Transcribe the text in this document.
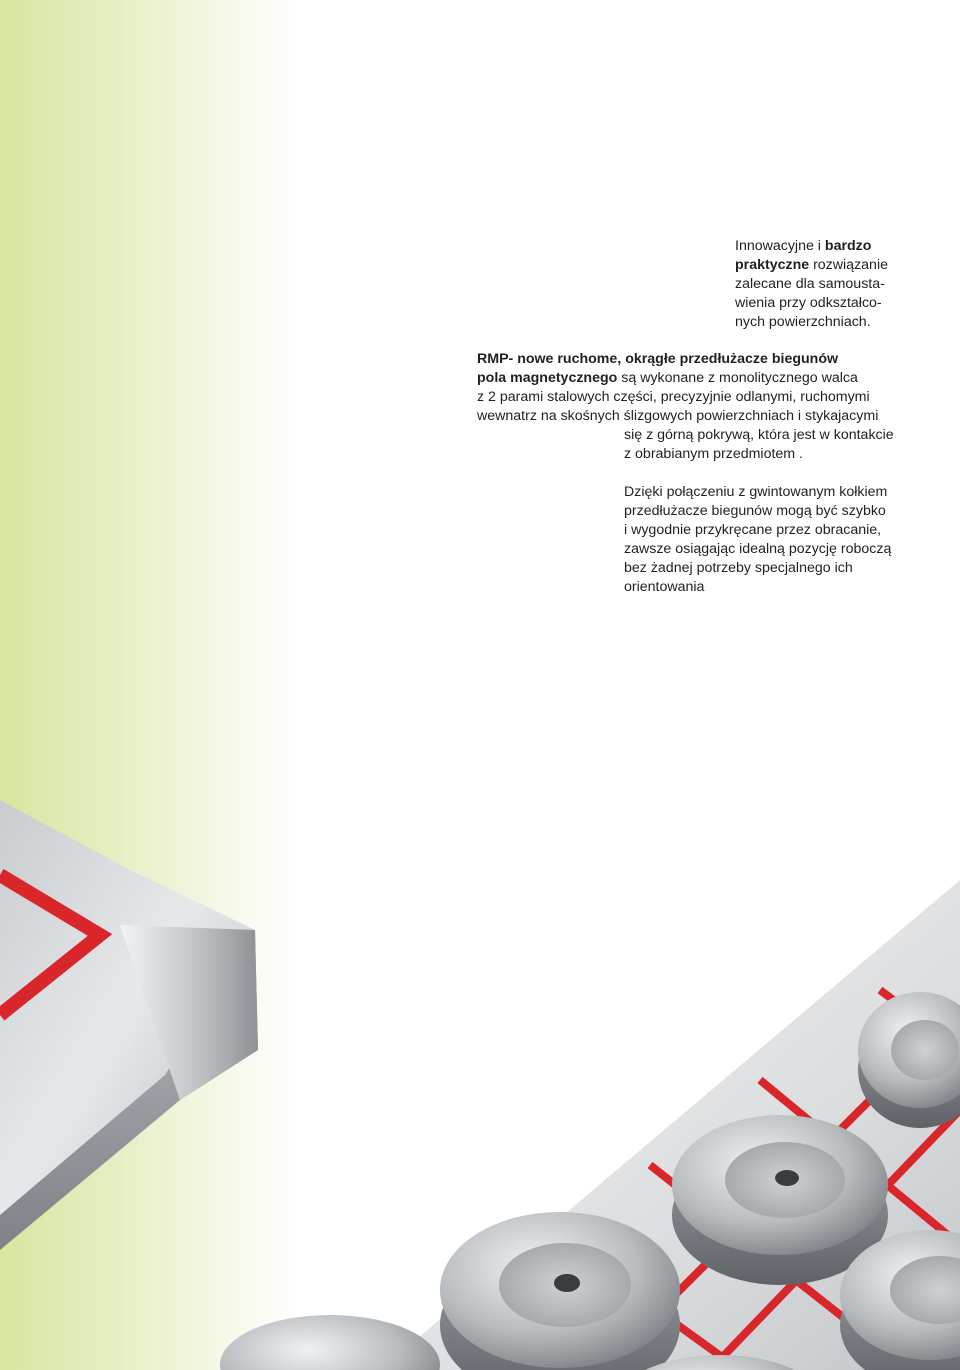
Innowacyjne i bardzo
praktyczne rozwiązanie
zalecane dla samousta-
wienia przy odkształco-
nych powierzchniach.
RMP- nowe ruchome, okrągłe przedłużacze biegunów
pola magnetycznego są wykonane z monolitycznego walca
z 2 parami stalowych części, precyzyjnie odlanymi, ruchomymi
wewnatrz na skośnych ślizgowych powierzchniach i stykajacymi
się z górną pokrywą, która jest w kontakcie
z obrabianym przedmiotem .
Dzięki połączeniu z gwintowanym kołkiem
przedłużacze biegunów mogą być szybko
i wygodnie przykręcane przez obracanie,
zawsze osiągając idealną pozycję roboczą
bez żadnej potrzeby specjalnego ich
orientowania
